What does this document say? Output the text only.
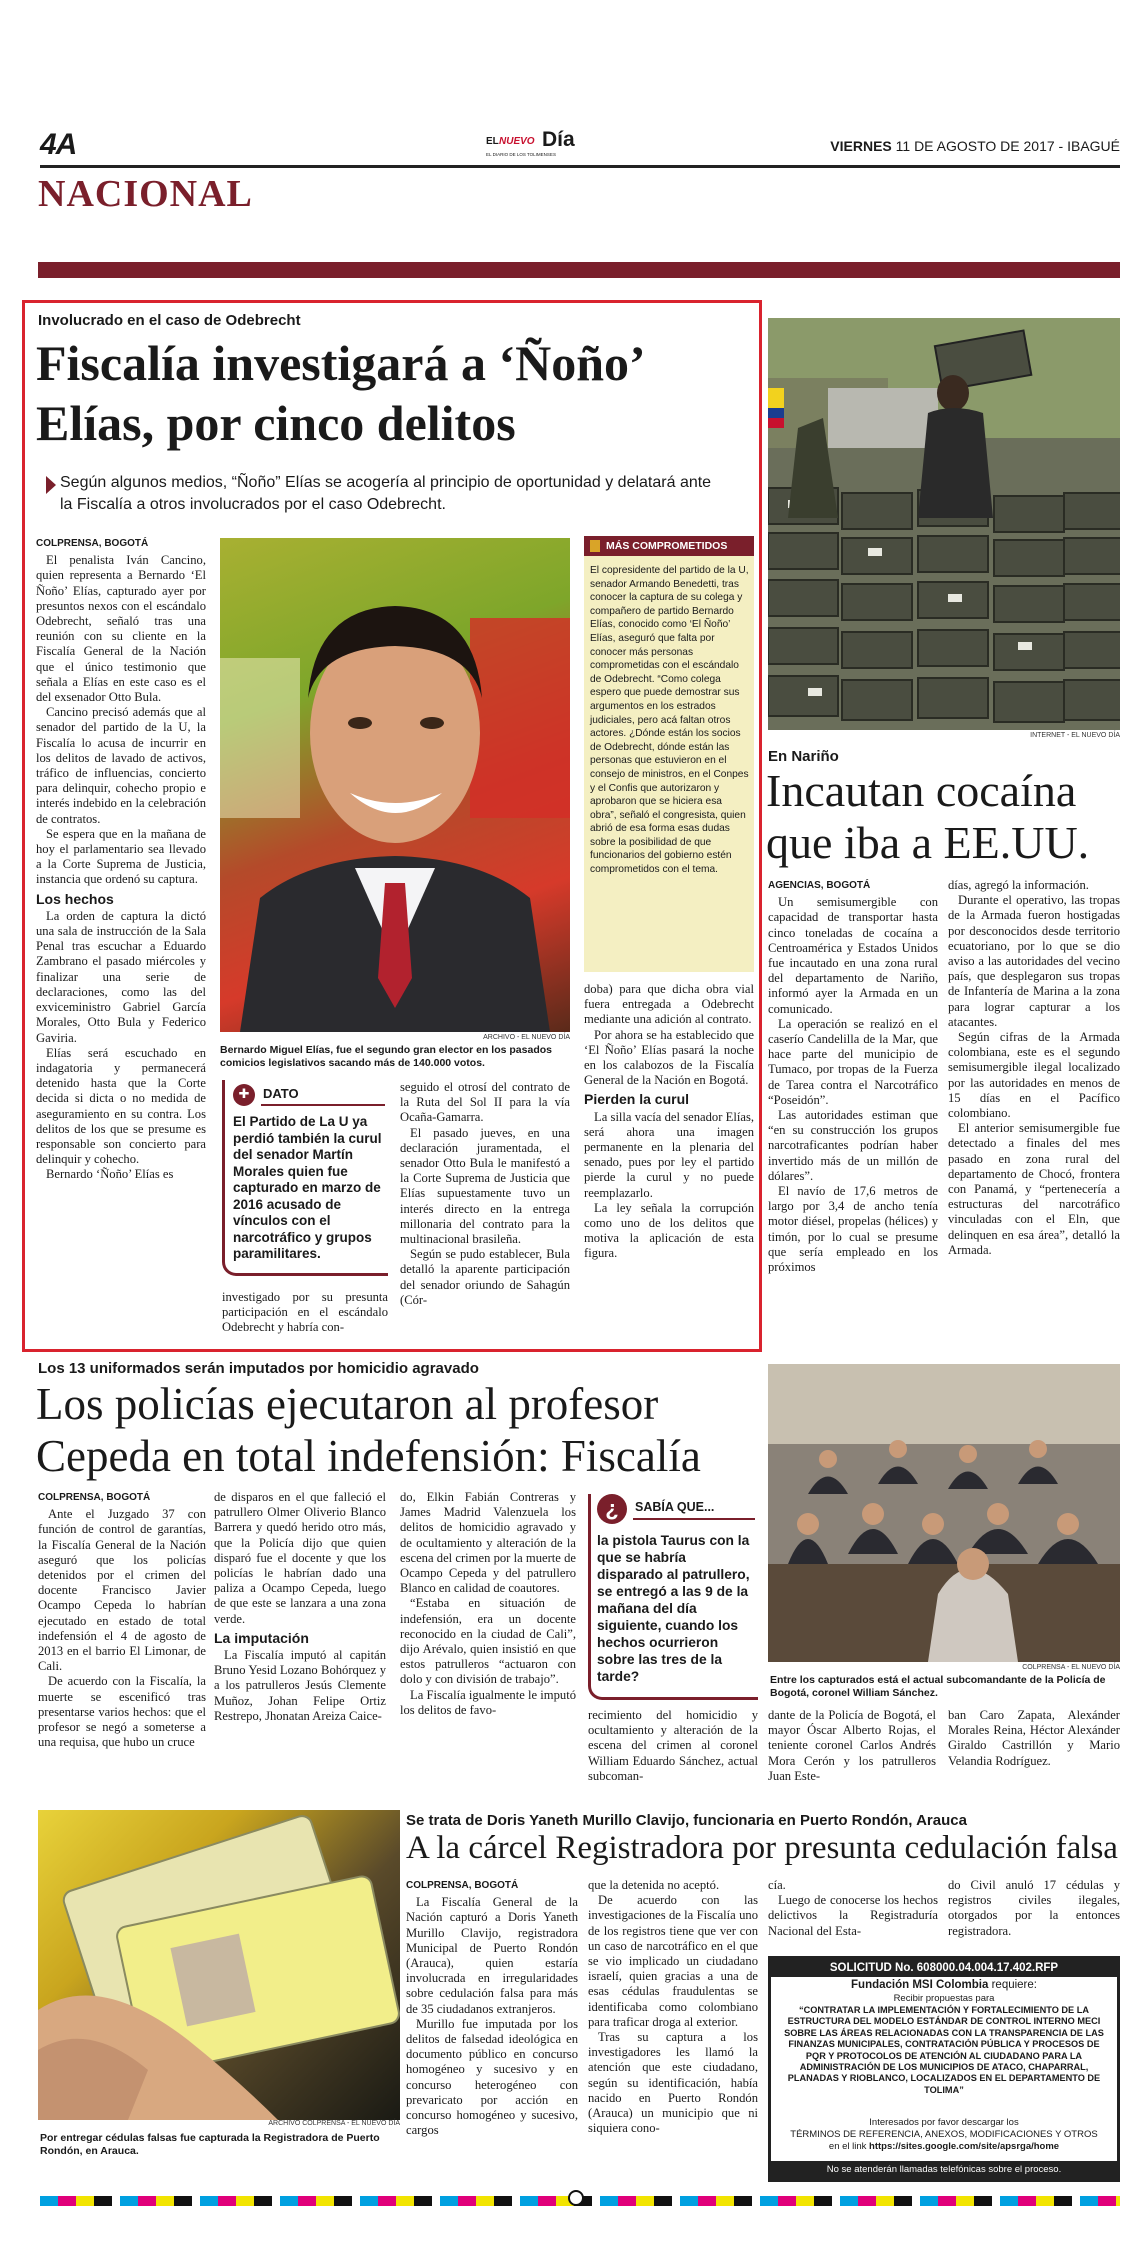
4A	EL NUEVO Día
EL DIARIO DE LOS TOLIMENSES
VIERNES 11 DE AGOSTO DE 2017 - IBAGUÉ
NACIONAL
Involucrado en el caso de Odebrecht
Fiscalía investigará a ‘Ñoño’
Elías, por cinco delitos
Según algunos medios, “Ñoño” Elías se acogería al principio de oportunidad y delatará ante
la Fiscalía a otros involucrados por el caso Odebrecht.
COLPRENSA, BOGOTÁ

El penalista Iván Cancino, quien representa a Bernardo ‘El Ñoño’ Elías, capturado ayer por presuntos nexos con el escándalo Odebrecht, señaló tras una reunión con su cliente en la Fiscalía General de la Nación que el único testimonio que señala a Elías en este caso es el del exsenador Otto Bula.

Cancino precisó además que al senador del partido de la U, la Fiscalía lo acusa de incurrir en los delitos de lavado de activos, tráfico de influencias, concierto para delinquir, cohecho propio e interés indebido en la celebración de contratos.

Se espera que en la mañana de hoy el parlamentario sea llevado a la Corte Suprema de Justicia, instancia que ordenó su captura.

Los hechos

La orden de captura la dictó una sala de instrucción de la Sala Penal tras escuchar a Eduardo Zambrano el pasado miércoles y finalizar una serie de declaraciones, como las del exviceministro Gabriel García Morales, Otto Bula y Federico Gaviria.

Elías será escuchado en indagatoria y permanecerá detenido hasta que la Corte decida si dicta o no medida de aseguramiento en su contra. Los delitos de los que se presume es responsable son concierto para delinquir y cohecho.

Bernardo ‘Ñoño’ Elías es

ARCHIVO - EL NUEVO DÍA
Bernardo Miguel Elías, fue el segundo gran elector en los pasados comicios legislativos sacando más de 140.000 votos.
✚	DATO
El Partido de La U ya perdió también la curul del senador Martín Morales quien fue capturado en marzo de 2016 acusado de vínculos con el narcotráfico y grupos paramilitares.

investigado por su presunta participación en el escándalo Odebrecht y habría con-

seguido el otrosí del contrato de la Ruta del Sol II para la vía Ocaña-Gamarra.

El pasado jueves, en una declaración juramentada, el senador Otto Bula le manifestó a la Corte Suprema de Justicia que Elías supuestamente tuvo un interés directo en la entrega millonaria del contrato para la multinacional brasileña.

Según se pudo establecer, Bula detalló la aparente participación del senador oriundo de Sahagún (Cór-

MÁS COMPROMETIDOS
El copresidente del partido de la U, senador Armando Benedetti, tras conocer la captura de su colega y compañero de partido Bernardo Elías, conocido como ‘El Ñoño’ Elías, aseguró que falta por conocer más personas comprometidas con el escándalo de Odebrecht. “Como colega espero que puede demostrar sus argumentos en los estrados judiciales, pero acá faltan otros actores. ¿Dónde están los socios de Odebrecht, dónde están las personas que estuvieron en el consejo de ministros, en el Conpes y el Confis que autorizaron y aprobaron que se hiciera esa obra”, señaló el congresista, quien abrió de esa forma esas dudas sobre la posibilidad de que funcionarios del gobierno estén comprometidos con el tema.

doba) para que dicha obra vial fuera entregada a Odebrecht mediante una adición al contrato.

Por ahora se ha establecido que ‘El Ñoño’ Elías pasará la noche en los calabozos de la Fiscalía General de la Nación en Bogotá.

Pierden la curul

La silla vacía del senador Elías, será ahora una imagen permanente en la plenaria del senado, pues por ley el partido pierde la curul y no puede reemplazarlo.

La ley señala la corrupción como uno de los delitos que motiva la aplicación de esta figura.

INTERNET - EL NUEVO DÍA
En Nariño
Incautan cocaína
que iba a EE.UU.
AGENCIAS, BOGOTÁ

Un semisumergible con capacidad de transportar hasta cinco toneladas de cocaína a Centroamérica y Estados Unidos fue incautado en una zona rural del departamento de Nariño, informó ayer la Armada en un comunicado.

La operación se realizó en el caserío Candelilla de la Mar, que hace parte del municipio de Tumaco, por tropas de la Fuerza de Tarea contra el Narcotráfico “Poseidón”.

Las autoridades estiman que “en su construcción los grupos narcotraficantes podrían haber invertido más de un millón de dólares”.

El navío de 17,6 metros de largo por 3,4 de ancho tenía motor diésel, propelas (hélices) y timón, por lo cual se presume que sería empleado en los próximos

días, agregó la información.

Durante el operativo, las tropas de la Armada fueron hostigadas por desconocidos desde territorio ecuatoriano, por lo que se dio aviso a las autoridades del vecino país, que desplegaron sus tropas de Infantería de Marina a la zona para lograr capturar a los atacantes.

Según cifras de la Armada colombiana, este es el segundo semisumergible ilegal localizado por las autoridades en menos de 15 días en el Pacífico colombiano.

El anterior semisumergible fue detectado a finales del mes pasado en zona rural del departamento de Chocó, frontera con Panamá, y “pertenecería a estructuras del narcotráfico vinculadas con el Eln, que delinquen en esa área”, detalló la Armada.

Los 13 uniformados serán imputados por homicidio agravado
Los policías ejecutaron al profesor
Cepeda en total indefensión: Fiscalía
COLPRENSA, BOGOTÁ

Ante el Juzgado 37 con función de control de garantías, la Fiscalía General de la Nación aseguró que los policías detenidos por el crimen del docente Francisco Javier Ocampo Cepeda lo habrían ejecutado en estado de total indefensión el 4 de agosto de 2013 en el barrio El Limonar, de Cali.

De acuerdo con la Fiscalía, la muerte se escenificó tras presentarse varios hechos: que el profesor se negó a someterse a una requisa, que hubo un cruce

de disparos en el que falleció el patrullero Olmer Oliverio Blanco Barrera y quedó herido otro más, que la Policía dijo que quien disparó fue el docente y que los policías le habrían dado una paliza a Ocampo Cepeda, luego de que este se lanzara a una zona verde.

La imputación

La Fiscalía imputó al capitán Bruno Yesid Lozano Bohórquez y a los patrulleros Jesús Clemente Muñoz, Johan Felipe Ortiz Restrepo, Jhonatan Areiza Caice-

do, Elkin Fabián Contreras y James Madrid Valenzuela los delitos de homicidio agravado y de ocultamiento y alteración de la escena del crimen por la muerte de Ocampo Cepeda y del patrullero Blanco en calidad de coautores.

“Estaba en situación de indefensión, era un docente reconocido en la ciudad de Cali”, dijo Arévalo, quien insistió en que estos patrulleros “actuaron con dolo y con división de trabajo”.

La Fiscalía igualmente le imputó los delitos de favo-

¿	SABÍA QUE...
la pistola Taurus con la que se habría disparado al patrullero, se entregó a las 9 de la mañana del día siguiente, cuando los hechos ocurrieron sobre las tres de la tarde?

recimiento del homicidio y ocultamiento y alteración de la escena del crimen al coronel William Eduardo Sánchez, actual subcoman-

dante de la Policía de Bogotá, el mayor Óscar Alberto Rojas, el teniente coronel Carlos Andrés Mora Cerón y los patrulleros Juan Este-

ban Caro Zapata, Alexánder Morales Reina, Héctor Alexánder Giraldo Castrillón y Mario Velandia Rodríguez.

COLPRENSA - EL NUEVO DÍA
Entre los capturados está el actual subcomandante de la Policía de Bogotá, coronel William Sánchez.
ARCHIVO COLPRENSA - EL NUEVO DÍA
Por entregar cédulas falsas fue capturada la Registradora de Puerto Rondón, en Arauca.
Se trata de Doris Yaneth Murillo Clavijo, funcionaria en Puerto Rondón, Arauca
A la cárcel Registradora por presunta cedulación falsa
COLPRENSA, BOGOTÁ

La Fiscalía General de la Nación capturó a Doris Yaneth Murillo Clavijo, registradora Municipal de Puerto Rondón (Arauca), quien estaría involucrada en irregularidades sobre cedulación falsa para más de 35 ciudadanos extranjeros.

Murillo fue imputada por los delitos de falsedad ideológica en documento público en concurso homogéneo y sucesivo y en concurso heterogéneo con prevaricato por acción en concurso homogéneo y sucesivo, cargos

que la detenida no aceptó.

De acuerdo con las investigaciones de la Fiscalía uno de los registros tiene que ver con un caso de narcotráfico en el que se vio implicado un ciudadano israelí, quien gracias a una de esas cédulas fraudulentas se identificaba como colombiano para traficar droga al exterior.

Tras su captura a los investigadores les llamó la atención que este ciudadano, según su identificación, había nacido en Puerto Rondón (Arauca) un municipio que ni siquiera cono-

cía.

Luego de conocerse los hechos delictivos la Registraduría Nacional del Esta-

do Civil anuló 17 cédulas y registros civiles ilegales, otorgados por la entonces registradora.

SOLICITUD No. 608000.04.004.17.402.RFP
Fundación MSI Colombia requiere:
Recibir propuestas para
“CONTRATAR LA IMPLEMENTACIÓN Y FORTALECIMIENTO DE LA ESTRUCTURA DEL MODELO ESTÁNDAR DE CONTROL INTERNO MECI SOBRE LAS ÁREAS RELACIONADAS CON LA TRANSPARENCIA DE LAS FINANZAS MUNICIPALES, CONTRATACIÓN PÚBLICA Y PROCESOS DE PQR Y PROTOCOLOS DE ATENCIÓN AL CIUDADANO PARA LA ADMINISTRACIÓN DE LOS MUNICIPIOS DE ATACO, CHAPARRAL, PLANADAS Y RIOBLANCO, LOCALIZADOS EN EL DEPARTAMENTO DE TOLIMA”
Interesados por favor descargar los
TÉRMINOS DE REFERENCIA, ANEXOS, MODIFICACIONES Y OTROS
en el link https://sites.google.com/site/apsrga/home
No se atenderán llamadas telefónicas sobre el proceso.
